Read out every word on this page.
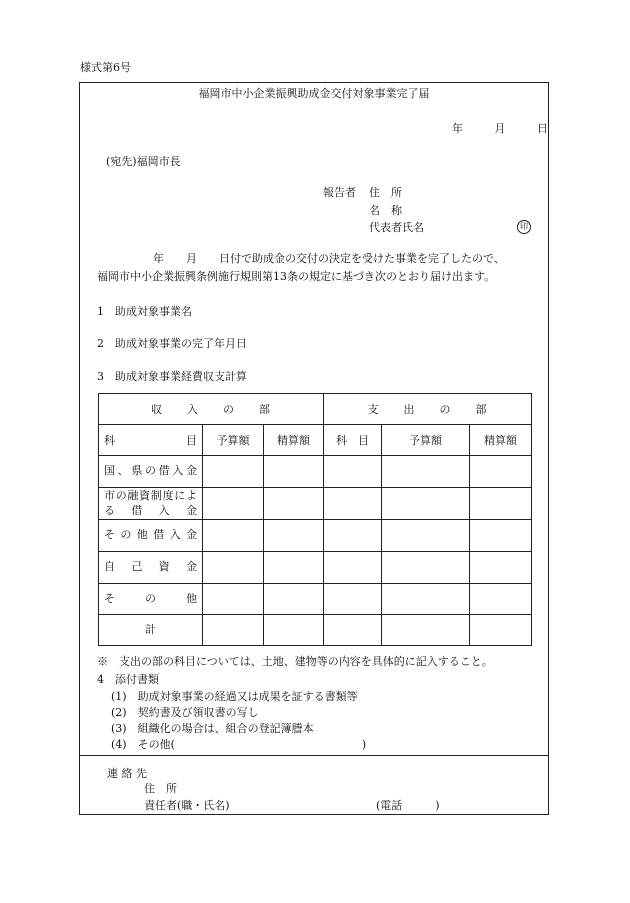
様式第6号
福岡市中小企業振興助成金交付対象事業完了届
年	月	日
(宛先)福岡市長
報告者 住　所
名　称
代表者氏名	印
年　　月　　日付で助成金の交付の決定を受けた事業を完了したので、
福岡市中小企業振興条例施行規則第13条の規定に基づき次のとおり届け出ます。
1　助成対象事業名
2　助成対象事業の完了年月日
3　助成対象事業経費収支計算
収　　入　　の　　部			支　　出　　の　　部		

科 目	予算額	精算額	科　目	予算額	精算額
国、県の借入金					
市の融資制度による借入金					
その他借入金					
自己資金					
その他					
計					
※　支出の部の科目については、土地、建物等の内容を具体的に記入すること。
4　添付書類
(1)　助成対象事業の経過又は成果を証する書類等
(2)　契約書及び領収書の写し
(3)　組織化の場合は、組合の登記簿謄本
(4)　その他(　　　　　　　　　　　　　　　　　)
連 絡 先
住　所
責任者(職・氏名)	(電話　　　)
